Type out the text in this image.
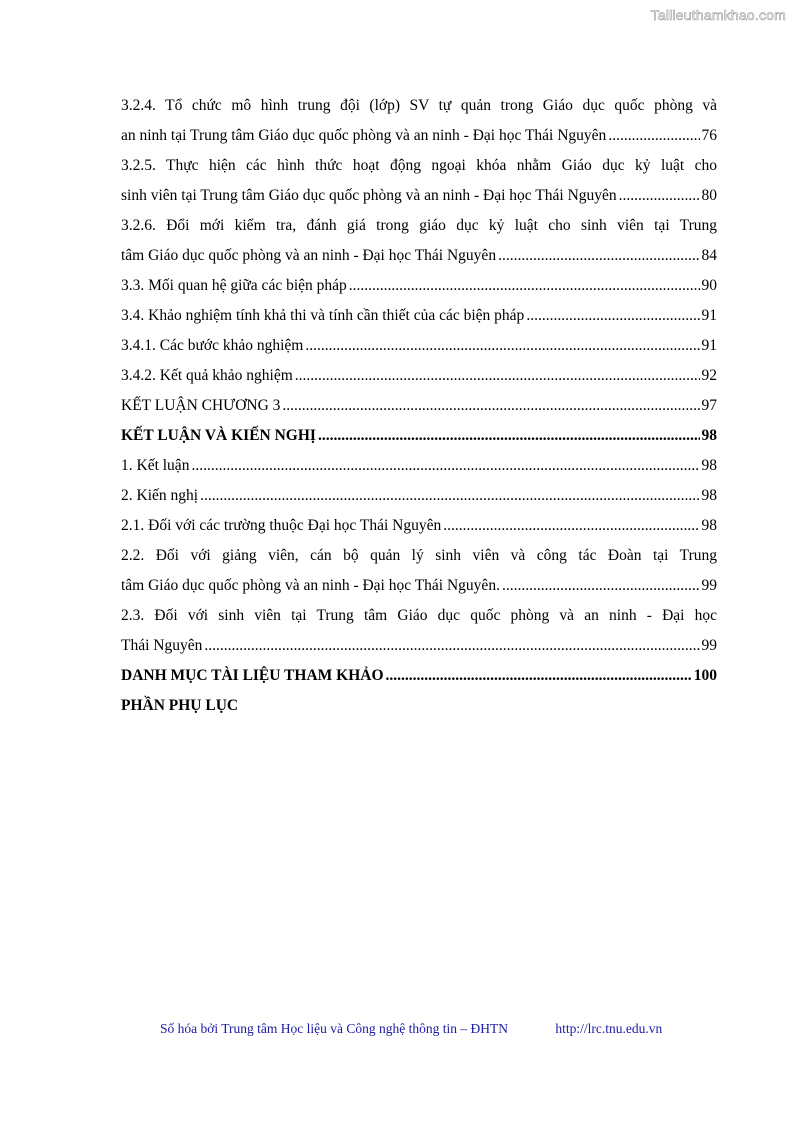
Tailieuthamkhao.com
3.2.4. Tổ chức mô hình trung đội (lớp) SV tự quản trong Giáo dục quốc phòng và
an ninh tại Trung tâm Giáo dục quốc phòng và an ninh - Đại học Thái Nguyên .....	76
3.2.5. Thực hiện các hình thức hoạt động ngoại khóa nhằm Giáo dục kỷ luật cho
sinh viên tại Trung tâm Giáo dục quốc phòng và an ninh - Đại học Thái Nguyên .....	80
3.2.6. Đổi mới kiểm tra, đánh giá trong giáo dục kỷ luật cho sinh viên tại Trung
tâm Giáo dục quốc phòng và an ninh - Đại học Thái Nguyên .....	84
3.3. Mối quan hệ giữa các biện pháp .....	90
3.4. Khảo nghiệm tính khả thi và tính cần thiết của các biện pháp .....	91
3.4.1. Các bước khảo nghiệm .....	91
3.4.2. Kết quả khảo nghiệm .....	92
KẾT LUẬN CHƯƠNG 3 .....	97
KẾT LUẬN VÀ KIẾN NGHỊ .....	98
1. Kết luận .....	98
2. Kiến nghị .....	98
2.1. Đối với các trường thuộc Đại học Thái Nguyên .....	98
2.2. Đối với giảng viên, cán bộ quản lý sinh viên và công tác Đoàn tại Trung
tâm Giáo dục quốc phòng và an ninh - Đại học Thái Nguyên. .....	99
2.3. Đối với sinh viên tại Trung tâm Giáo dục quốc phòng và an ninh - Đại học
Thái Nguyên .....	99
DANH MỤC TÀI LIỆU THAM KHẢO .....	100
PHẦN PHỤ LỤC
Số hóa bởi Trung tâm Học liệu và Công nghệ thông tin – ĐHTN	http://lrc.tnu.edu.vn
